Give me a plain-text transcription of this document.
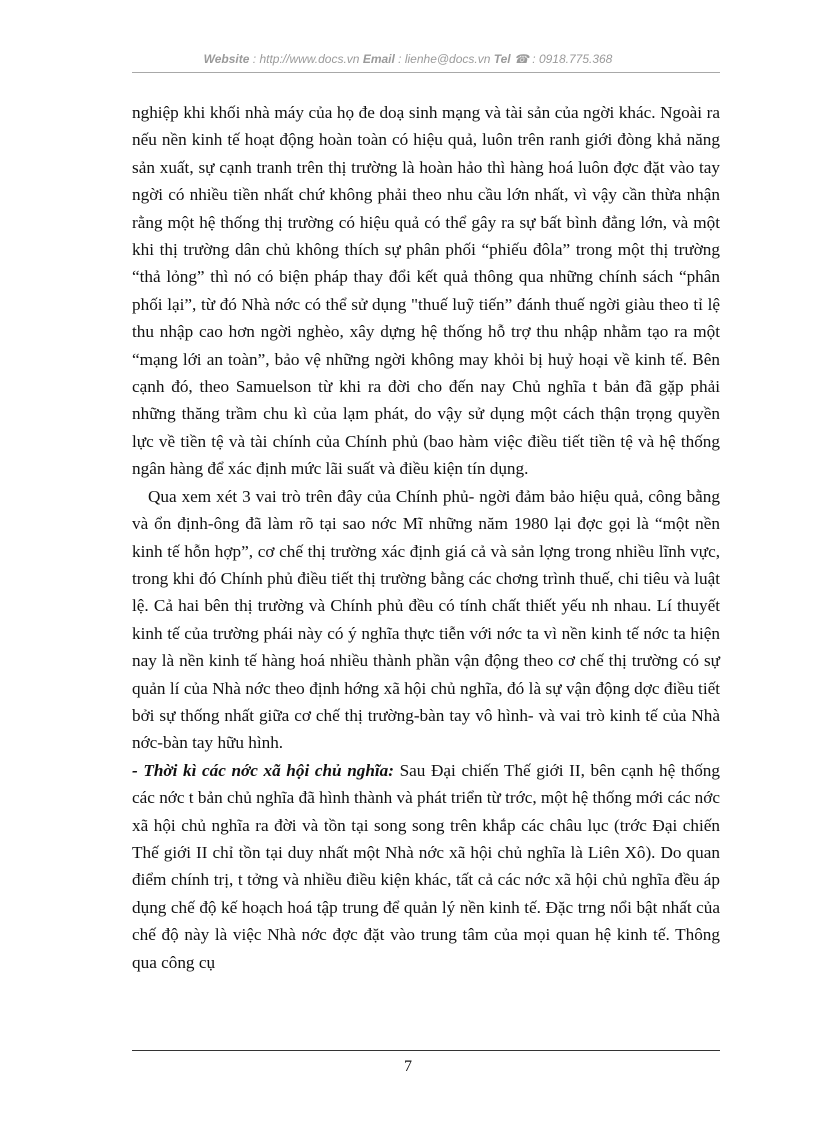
Website : http://www.docs.vn Email : lienhe@docs.vn Tel ☎ : 0918.775.368

nghiệp khi khối nhà máy của họ đe doạ sinh mạng và tài sản của ngời khác. Ngoài ra nếu nền kinh tế hoạt động hoàn toàn có hiệu quả, luôn trên ranh giới đòng khả năng sản xuất, sự cạnh tranh trên thị trường là hoàn hảo thì hàng hoá luôn đợc đặt vào tay ngời có nhiều tiền nhất chứ không phải theo nhu cầu lớn nhất, vì vậy cần thừa nhận rằng một hệ thống thị trường có hiệu quả có thể gây ra sự bất bình đẳng lớn, và một khi thị trường dân chủ không thích sự phân phối “phiếu đôla” trong một thị trường “thả lỏng” thì nó có biện pháp thay đổi kết quả thông qua những chính sách “phân phối lại”, từ đó Nhà nớc có thể sử dụng "thuế luỹ tiến” đánh thuế ngời giàu theo tỉ lệ thu nhập cao hơn ngời nghèo, xây dựng hệ thống hỗ trợ thu nhập nhằm tạo ra một “mạng lới an toàn”, bảo vệ những ngời không may khỏi bị huỷ hoại về kinh tế. Bên cạnh đó, theo Samuelson từ khi ra đời cho đến nay Chủ nghĩa t bản đã gặp phải những thăng trầm chu kì của lạm phát, do vậy sử dụng một cách thận trọng quyền lực về tiền tệ và tài chính của Chính phủ (bao hàm việc điều tiết tiền tệ và hệ thống ngân hàng để xác định mức lãi suất và điều kiện tín dụng.

Qua xem xét 3 vai trò trên đây của Chính phủ- ngời đảm bảo hiệu quả, công bằng và ổn định-ông đã làm rõ tại sao nớc Mĩ những năm 1980 lại đợc gọi là “một nền kinh tế hỗn hợp”, cơ chế thị trường xác định giá cả và sản lợng trong nhiều lĩnh vực, trong khi đó Chính phủ điều tiết thị trường bằng các chơng trình thuế, chi tiêu và luật lệ. Cả hai bên thị trường và Chính phủ đều có tính chất thiết yếu nh nhau. Lí thuyết kinh tế của trường phái này có ý nghĩa thực tiễn với nớc ta vì nền kinh tế nớc ta hiện nay là nền kinh tế hàng hoá nhiều thành phần vận động theo cơ chế thị trường có sự quản lí của Nhà nớc theo định hớng xã hội chủ nghĩa, đó là sự vận động dợc điều tiết bởi sự thống nhất giữa cơ chế thị trường-bàn tay vô hình- và vai trò kinh tế của Nhà nớc-bàn tay hữu hình.

- Thời kì các nớc xã hội chủ nghĩa: Sau Đại chiến Thế giới II, bên cạnh hệ thống các nớc t bản chủ nghĩa đã hình thành và phát triển từ trớc, một hệ thống mới các nớc xã hội chủ nghĩa ra đời và tồn tại song song trên khắp các châu lục (trớc Đại chiến Thế giới II chỉ tồn tại duy nhất một Nhà nớc xã hội chủ nghĩa là Liên Xô). Do quan điểm chính trị, t tởng và nhiều điều kiện khác, tất cả các nớc xã hội chủ nghĩa đều áp dụng chế độ kế hoạch hoá tập trung để quản lý nền kinh tế. Đặc trng nổi bật nhất của chế độ này là việc Nhà nớc đợc đặt vào trung tâm của mọi quan hệ kinh tế. Thông qua công cụ

7
